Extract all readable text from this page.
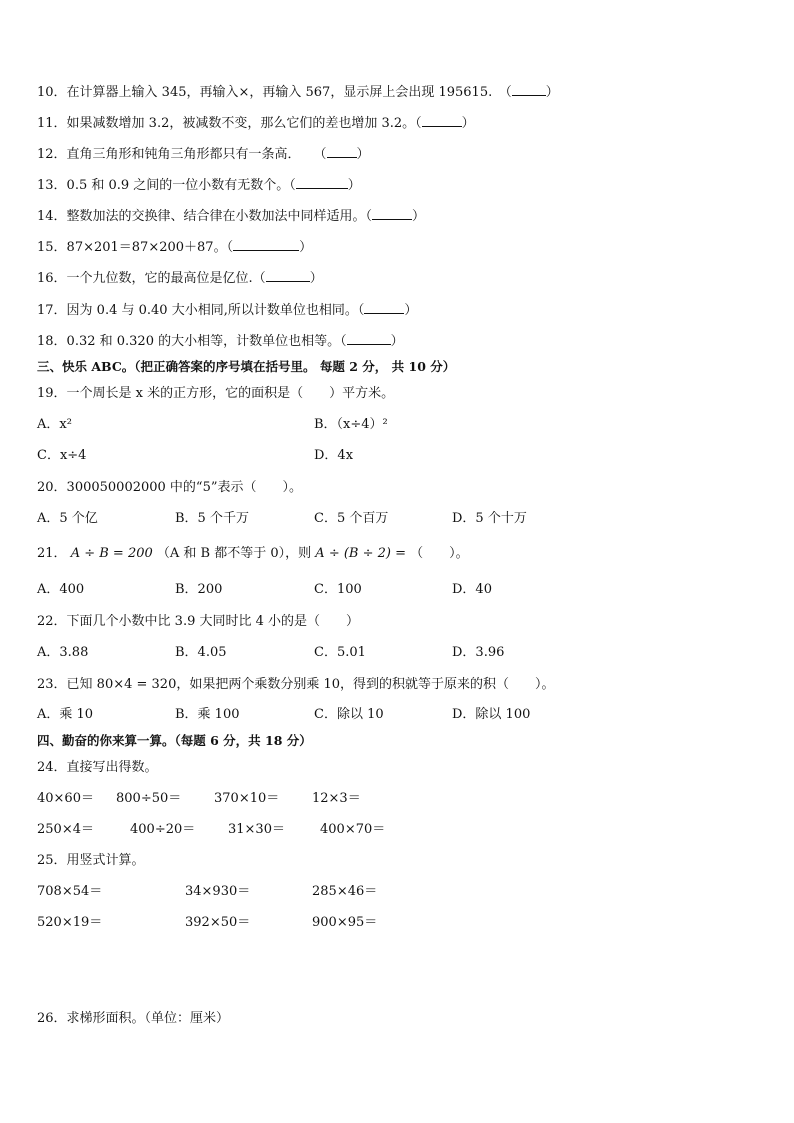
10．在计算器上输入 345，再输入×，再输入 567，显示屏上会出现 195615.　（	）
11．如果减数增加 3.2，被减数不变，那么它们的差也增加 3.2。（	）
12．直角三角形和钝角三角形都只有一条高．　　（ ）
13．0.5 和 0.9 之间的一位小数有无数个。（	）
14．整数加法的交换律、结合律在小数加法中同样适用。（	）
15．87×201＝87×200＋87。（	）
16．一个九位数，它的最高位是亿位.（	）
17．因为 0.4 与 0.40 大小相同,所以计数单位也相同。（	）
18．0.32 和 0.320 的大小相等，计数单位也相等。（	）
三、快乐 ABC。（把正确答案的序号填在括号里。 每题 2 分， 共 10 分）
19．一个周长是 x 米的正方形，它的面积是（　　）平方米。
A．x²	B．（x÷4）²
C．x÷4	D．4x
20．300050002000 中的“5”表示（　　）。
A．5 个亿	B．5 个千万	C．5 个百万	D．5 个十万
21． A ÷ B = 200 （A 和 B 都不等于 0），则 A ÷ (B ÷ 2) = （　　）。
A．400	B．200	C．100	D．40
22．下面几个小数中比 3.9 大同时比 4 小的是（　　）
A．3.88	B．4.05	C．5.01	D．3.96
23．已知 80×4 = 320，如果把两个乘数分别乘 10，得到的积就等于原来的积（　　）。
A．乘 10	B．乘 100	C．除以 10	D．除以 100
四、勤奋的你来算一算。（每题 6 分，共 18 分）
24．直接写出得数。
40×60＝ 800÷50＝	370×10＝	12×3＝
250×4＝	400÷20＝	31×30＝	400×70＝
25．用竖式计算。
708×54＝	34×930＝	285×46＝
520×19＝	392×50＝	900×95＝
26．求梯形面积。（单位：厘米）
